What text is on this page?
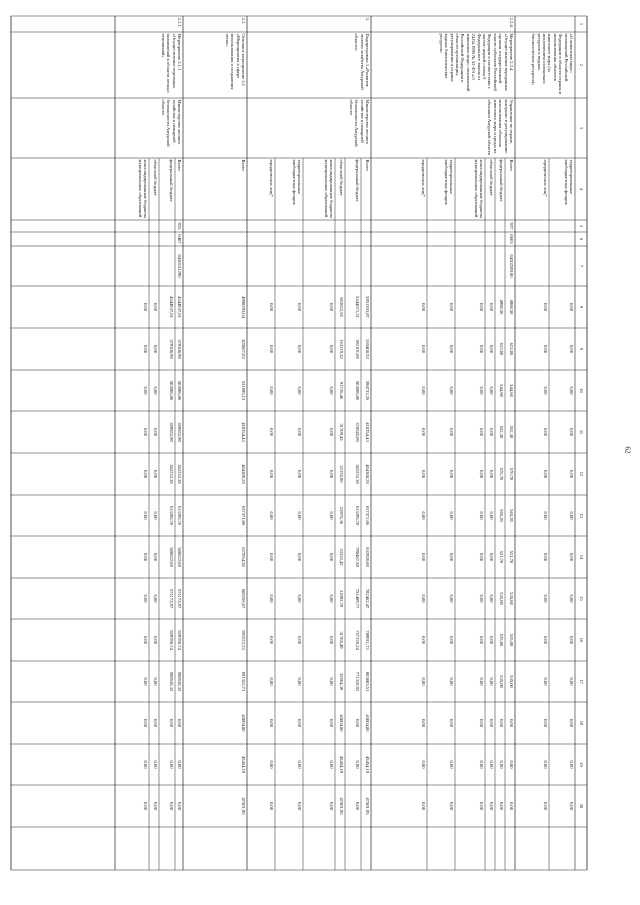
62
1
2
3
4
5
6
7
8
9
10
11
12
13
14
15
16
17
18
19
20
территориальных внебюджетных фондов
0,00
0,00
0,00
0,00
0,00
0,00
0,00
0,00
0,00
0,00
0,00
0,00
0,00
юридических лиц*
0,00
0,00
0,00
0,00
0,00
0,00
0,00
0,00
0,00
0,00
0,00
0,00
0,00
«О животном мире» полномочий Российской Федерации в области охраны и использования объектов животного мира (за исключением охотничьих ресурсов и водных биологических ресурсов)»
Всего
4968,50
623,00
544,60
552,30
576,70
565,20
521,70
535,00
535,00
535,00
0,00
0,00
0,00
федеральный бюджет
4968,50
623,00
544,60
552,30
576,70
565,20
521,70
535,00
535,00
535,00
0,00
0,00
0,00
областной бюджет
0,00
0,00
0,00
0,00
0,00
0,00
0,00
0,00
0,00
0,00
0,00
0,00
0,00
консолидированные бюджеты муниципальных образований
0,00
0,00
0,00
0,00
0,00
0,00
0,00
0,00
0,00
0,00
0,00
0,00
0,00
территориальных внебюджетных фондов
0,00
0,00
0,00
0,00
0,00
0,00
0,00
0,00
0,00
0,00
0,00
0,00
0,00
юридических лиц*
0,00
0,00
0,00
0,00
0,00
0,00
0,00
0,00
0,00
0,00
0,00
0,00
0,00
2.2.4.
Мероприятие 2.2.4 «Осуществление переданных органам государственной власти субъектов Российской Федерации в соответствии с частью первой статьи 6 Федерального закона от 24.04.1995 № 52-ФЗ «О животном мире» полномочий Российской Федерации в области организации, регулирования и охраны водных биологических ресурсов»
Управление по охране, контролю и регулированию использования объектов животного мира и среды их обитания Амурской области
927
0603
0420259100
Всего
5951193,87
555408,52
594733,26
410254,43
404388,26
637371,06
832920,00
782462,47
789911,73
803883,51
43004,80
45454,19
47501,95
федеральный бюджет
5344571,31
392101,00
503006,80
378545,00
382232,30
613395,70
798487,58
751469,77
757126,24
771318,92
0,00
0,00
0,00
областной бюджет
603622,56
163219,32
91726,46
31709,43
22155,96
23975,36
33332,42
31092,70
31785,49
32664,39
43004,80
45454,19
47501,95
консолидированные бюджеты муниципальных образований
0,00
0,00
0,00
0,00
0,00
0,00
0,00
0,00
0,00
0,00
0,00
0,00
0,00
территориальных внебюджетных фондов
0,00
0,00
0,00
0,00
0,00
0,00
0,00
0,00
0,00
0,00
0,00
0,00
0,00
юридических лиц*
0,00
0,00
0,00
0,00
0,00
0,00
0,00
0,00
0,00
0,00
0,00
0,00
0,00
3.
Подпрограмма 3 «Развитие лесного хозяйства Амурской области»
Министерство лесного хозяйства и пожарной безопасности Амурской области
3.1.
Основное мероприятие 3.1 «Мероприятия в сфере использования и сохранения лесов»
Всего
4998293,04
425807,02
531695,13
410254,43
404388,26
637371,06
627054,50
600256,67
591572,23
691322,71
43004,80
45454,19
47501,95
Всего
4544937,61
379108,90
503006,80
369552,90
382232,30
613395,70
588622,08
571173,97
559786,74
598538,32
0,00
0,00
0,00
федеральный бюджет
4544937,61
379108,90
503006,80
369552,90
382232,30
613395,70
588622,08
571173,97
559786,74
598538,32
0,00
0,00
0,00
областной бюджет
0,00
0,00
0,00
0,00
0,00
0,00
0,00
0,00
0,00
0,00
0,00
0,00
0,00
консолидированные бюджеты муниципальных образований
0,00
0,00
0,00
0,00
0,00
0,00
0,00
0,00
0,00
0,00
0,00
0,00
0,00
3.1.1.
Мероприятие 3.1.1 «Осуществление отдельных полномочий в области лесных отношений»
Министерство лесного хозяйства и пожарной безопасности Амурской области
925
0407
0430151290
